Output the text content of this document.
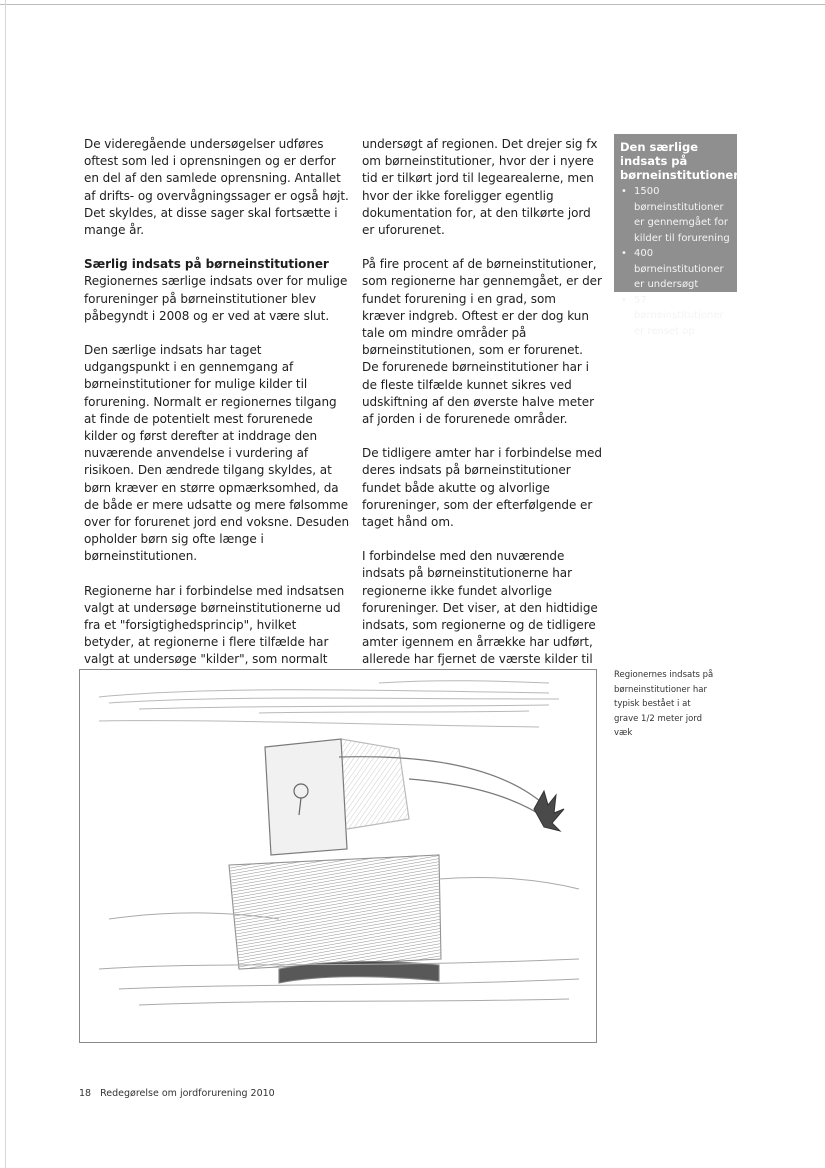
De videregående undersøgelser udføres oftest som led i oprensningen og er derfor en del af den samlede oprensning. Antallet af drifts- og overvågningssager er også højt. Det skyldes, at disse sager skal fortsætte i mange år.

Særlig indsats på børneinstitutioner

Regionernes særlige indsats over for mulige forureninger på børneinstitutioner blev påbegyndt i 2008 og er ved at være slut.

Den særlige indsats har taget udgangspunkt i en gennemgang af børneinstitutioner for mulige kilder til forurening. Normalt er regionernes tilgang at finde de potentielt mest forurenede kilder og først derefter at inddrage den nuværende anvendelse i vurdering af risikoen. Den ændrede tilgang skyldes, at børn kræver en større opmærksomhed, da de både er mere udsatte og mere følsomme over for forurenet jord end voksne. Desuden opholder børn sig ofte længe i børneinstitutionen.

Regionerne har i forbindelse med indsatsen valgt at undersøge børneinstitutionerne ud fra et "forsigtighedsprincip", hvilket betyder, at regionerne i flere tilfælde har valgt at undersøge "kilder", som normalt

undersøgt af regionen. Det drejer sig fx om børneinstitutioner, hvor der i nyere tid er tilkørt jord til legearealerne, men hvor der ikke foreligger egentlig dokumentation for, at den tilkørte jord er uforurenet.

På fire procent af de børneinstitutioner, som regionerne har gennemgået, er der fundet forurening i en grad, som kræver indgreb. Oftest er der dog kun tale om mindre områder på børneinstitutionen, som er forurenet. De forurenede børneinstitutioner har i de fleste tilfælde kunnet sikres ved udskiftning af den øverste halve meter af jorden i de forurenede områder.

De tidligere amter har i forbindelse med deres indsats på børneinstitutioner fundet både akutte og alvorlige forureninger, som der efterfølgende er taget hånd om.

I forbindelse med den nuværende indsats på børneinstitutionerne har regionerne ikke fundet alvorlige forureninger. Det viser, at den hidtidige indsats, som regionerne og de tidligere amter igennem en årrække har udført, allerede har fjernet de værste kilder til

Den særlige indsats på børneinstitutioner
• 1500 børneinstitutioner er gennemgået for kilder til forurening
• 400 børneinstitutioner er undersøgt
• 57 børneinstitutioner er renset op
Regionernes indsats på børneinstitutioner har typisk bestået i at grave 1/2 meter jord væk
18 Redegørelse om jordforurening 2010
